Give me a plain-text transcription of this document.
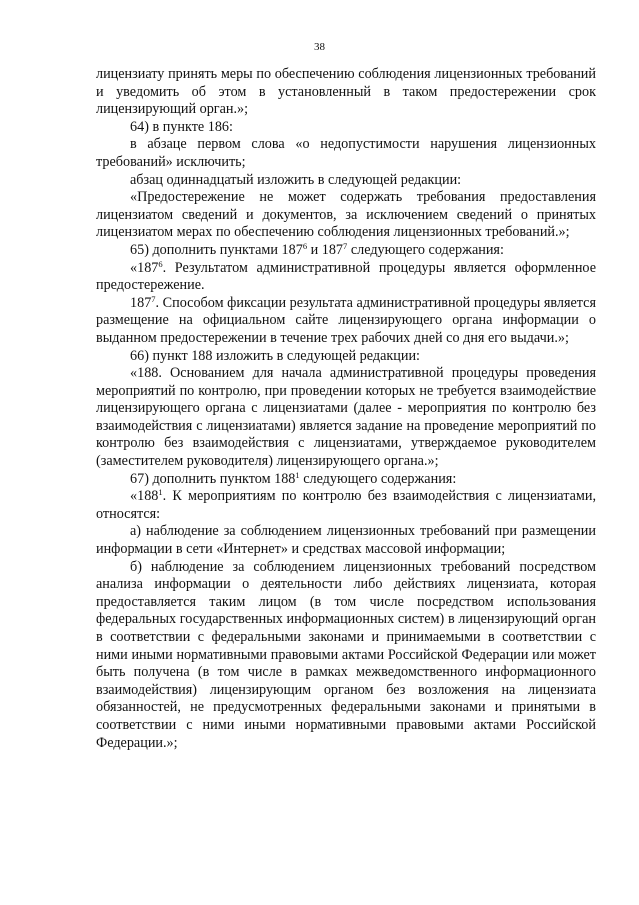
38

лицензиату принять меры по обеспечению соблюдения лицензионных требований и уведомить об этом в установленный в таком предостережении срок лицензирующий орган.»;

64) в пункте 186:

в абзаце первом слова «о недопустимости нарушения лицензионных требований» исключить;

абзац одиннадцатый изложить в следующей редакции:

«Предостережение не может содержать требования предоставления лицензиатом сведений и документов, за исключением сведений о принятых лицензиатом мерах по обеспечению соблюдения лицензионных требований.»;

65) дополнить пунктами $187^6$ и $187^7$ следующего содержания:

«$187^6$. Результатом административной процедуры является оформленное предостережение.

$187^7$. Способом фиксации результата административной процедуры является размещение на официальном сайте лицензирующего органа информации о выданном предостережении в течение трех рабочих дней со дня его выдачи.»;

66) пункт 188 изложить в следующей редакции:

«188. Основанием для начала административной процедуры проведения мероприятий по контролю, при проведении которых не требуется взаимодействие лицензирующего органа с лицензиатами (далее - мероприятия по контролю без взаимодействия с лицензиатами) является задание на проведение мероприятий по контролю без взаимодействия с лицензиатами, утверждаемое руководителем (заместителем руководителя) лицензирующего органа.»;

67) дополнить пунктом $188^1$ следующего содержания:

«$188^1$. К мероприятиям по контролю без взаимодействия с лицензиатами, относятся:

а) наблюдение за соблюдением лицензионных требований при размещении информации в сети «Интернет» и средствах массовой информации;

б) наблюдение за соблюдением лицензионных требований посредством анализа информации о деятельности либо действиях лицензиата, которая предоставляется таким лицом (в том числе посредством использования федеральных государственных информационных систем) в лицензирующий орган в соответствии с федеральными законами и принимаемыми в соответствии с ними иными нормативными правовыми актами Российской Федерации или может быть получена (в том числе в рамках межведомственного информационного взаимодействия) лицензирующим органом без возложения на лицензиата обязанностей, не предусмотренных федеральными законами и принятыми в соответствии с ними иными нормативными правовыми актами Российской Федерации.»;
